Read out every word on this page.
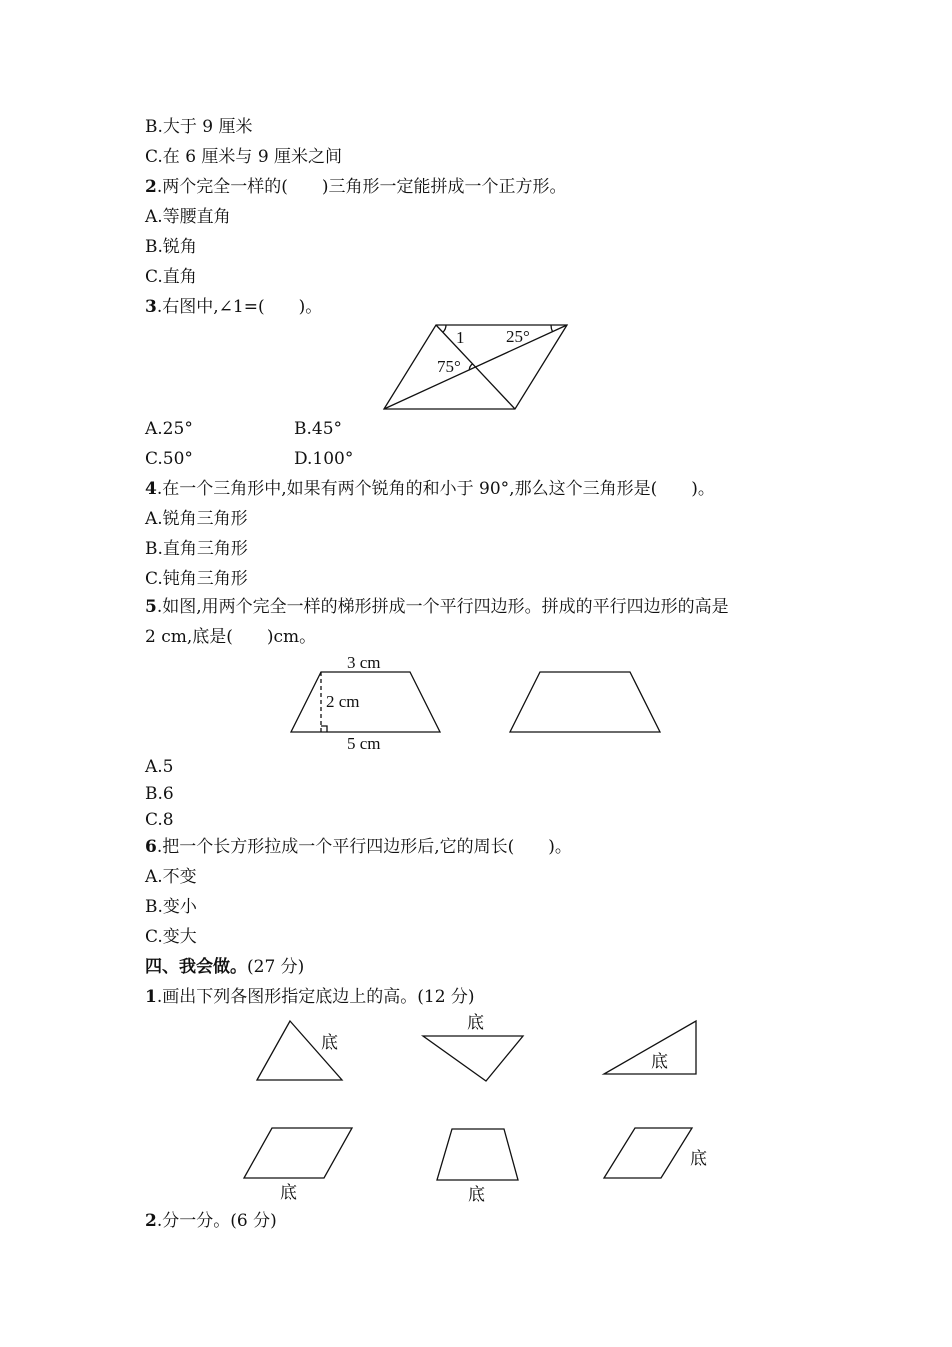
B.大于 9 厘米
C.在 6 厘米与 9 厘米之间
2.两个完全一样的(　　)三角形一定能拼成一个正方形。
A.等腰直角
B.锐角
C.直角
3.右图中,∠1=(　　)。
1 25°
75°
A.25°	B.45°
C.50°	D.100°
4.在一个三角形中,如果有两个锐角的和小于 90°,那么这个三角形是(　　)。
A.锐角三角形
B.直角三角形
C.钝角三角形
5.如图,用两个完全一样的梯形拼成一个平行四边形。拼成的平行四边形的高是
2 cm,底是(　　)cm。
3 cm
2 cm
5 cm
A.5
B.6
C.8
6.把一个长方形拉成一个平行四边形后,它的周长(　　)。
A.不变
B.变小
C.变大
四、我会做。(27 分)
1.画出下列各图形指定底边上的高。(12 分)
底
底
底
底	底
底
2.分一分。(6 分)
